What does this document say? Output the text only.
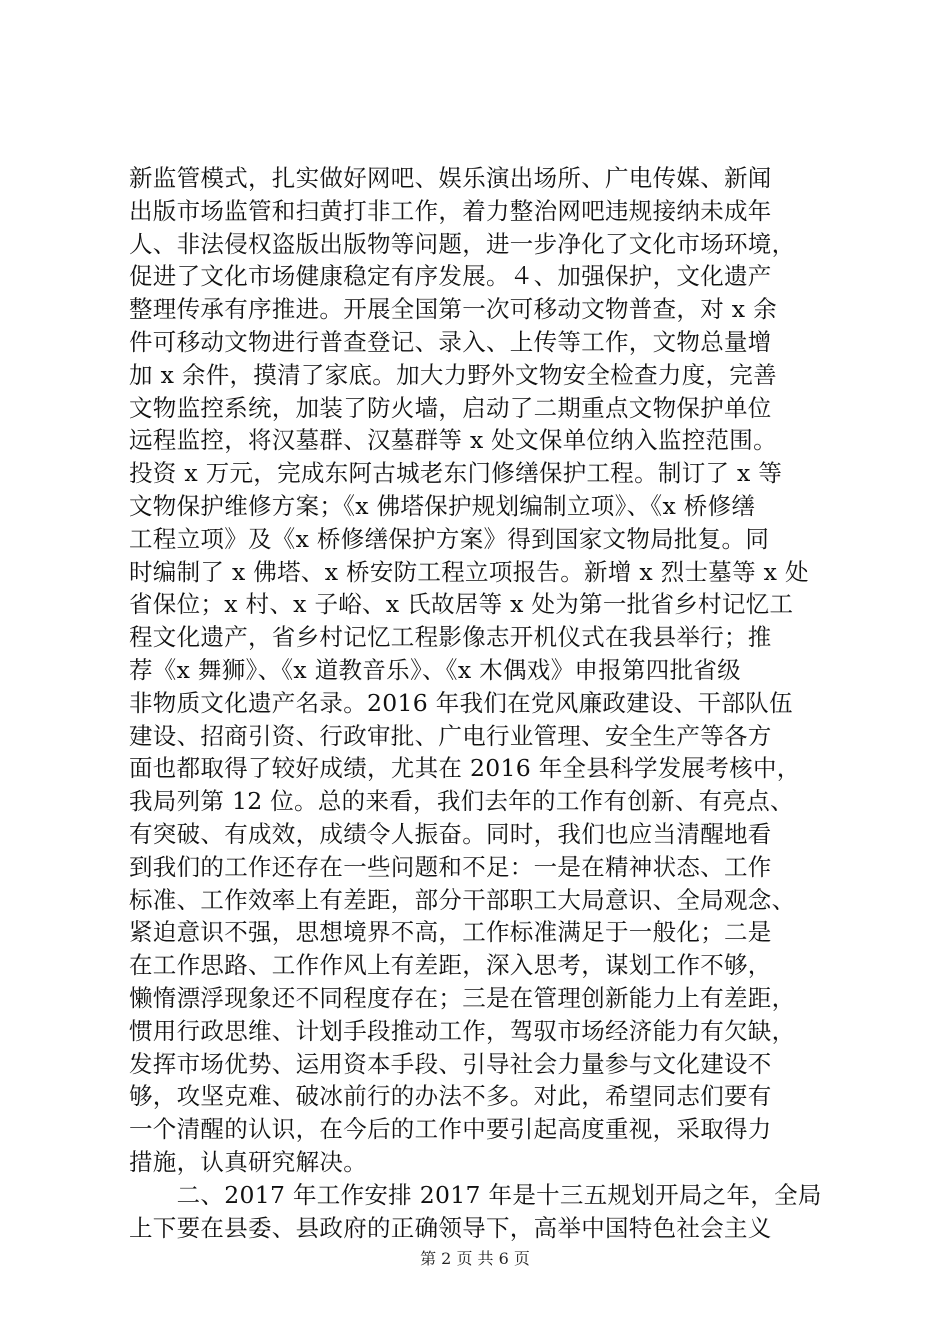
新监管模式，扎实做好网吧、娱乐演出场所、广电传媒、新闻
出版市场监管和扫黄打非工作，着力整治网吧违规接纳未成年
人、非法侵权盗版出版物等问题，进一步净化了文化市场环境，
促进了文化市场健康稳定有序发展。４、加强保护，文化遗产
整理传承有序推进。开展全国第一次可移动文物普查，对 x 余
件可移动文物进行普查登记、录入、上传等工作，文物总量增
加 x 余件，摸清了家底。加大力野外文物安全检查力度，完善
文物监控系统，加装了防火墙，启动了二期重点文物保护单位
远程监控，将汉墓群、汉墓群等 x 处文保单位纳入监控范围。
投资 x 万元，完成东阿古城老东门修缮保护工程。制订了 x 等
文物保护维修方案；《x 佛塔保护规划编制立项》、《x 桥修缮
工程立项》及《x 桥修缮保护方案》得到国家文物局批复。同
时编制了 x 佛塔、x 桥安防工程立项报告。新增 x 烈士墓等 x 处
省保位；x 村、x 子峪、x 氏故居等 x 处为第一批省乡村记忆工
程文化遗产，省乡村记忆工程影像志开机仪式在我县举行；推
荐《x 舞狮》、《x 道教音乐》、《x 木偶戏》申报第四批省级
非物质文化遗产名录。2016 年我们在党风廉政建设、干部队伍
建设、招商引资、行政审批、广电行业管理、安全生产等各方
面也都取得了较好成绩，尤其在 2016 年全县科学发展考核中，
我局列第 12 位。总的来看，我们去年的工作有创新、有亮点、
有突破、有成效，成绩令人振奋。同时，我们也应当清醒地看
到我们的工作还存在一些问题和不足：一是在精神状态、工作
标准、工作效率上有差距，部分干部职工大局意识、全局观念、
紧迫意识不强，思想境界不高，工作标准满足于一般化；二是
在工作思路、工作作风上有差距，深入思考，谋划工作不够，
懒惰漂浮现象还不同程度存在；三是在管理创新能力上有差距，
惯用行政思维、计划手段推动工作，驾驭市场经济能力有欠缺，
发挥市场优势、运用资本手段、引导社会力量参与文化建设不
够，攻坚克难、破冰前行的办法不多。对此，希望同志们要有
一个清醒的认识，在今后的工作中要引起高度重视，采取得力
措施，认真研究解决。
　　二、2017 年工作安排 2017 年是十三五规划开局之年，全局
上下要在县委、县政府的正确领导下，高举中国特色社会主义
第 2 页 共 6 页
